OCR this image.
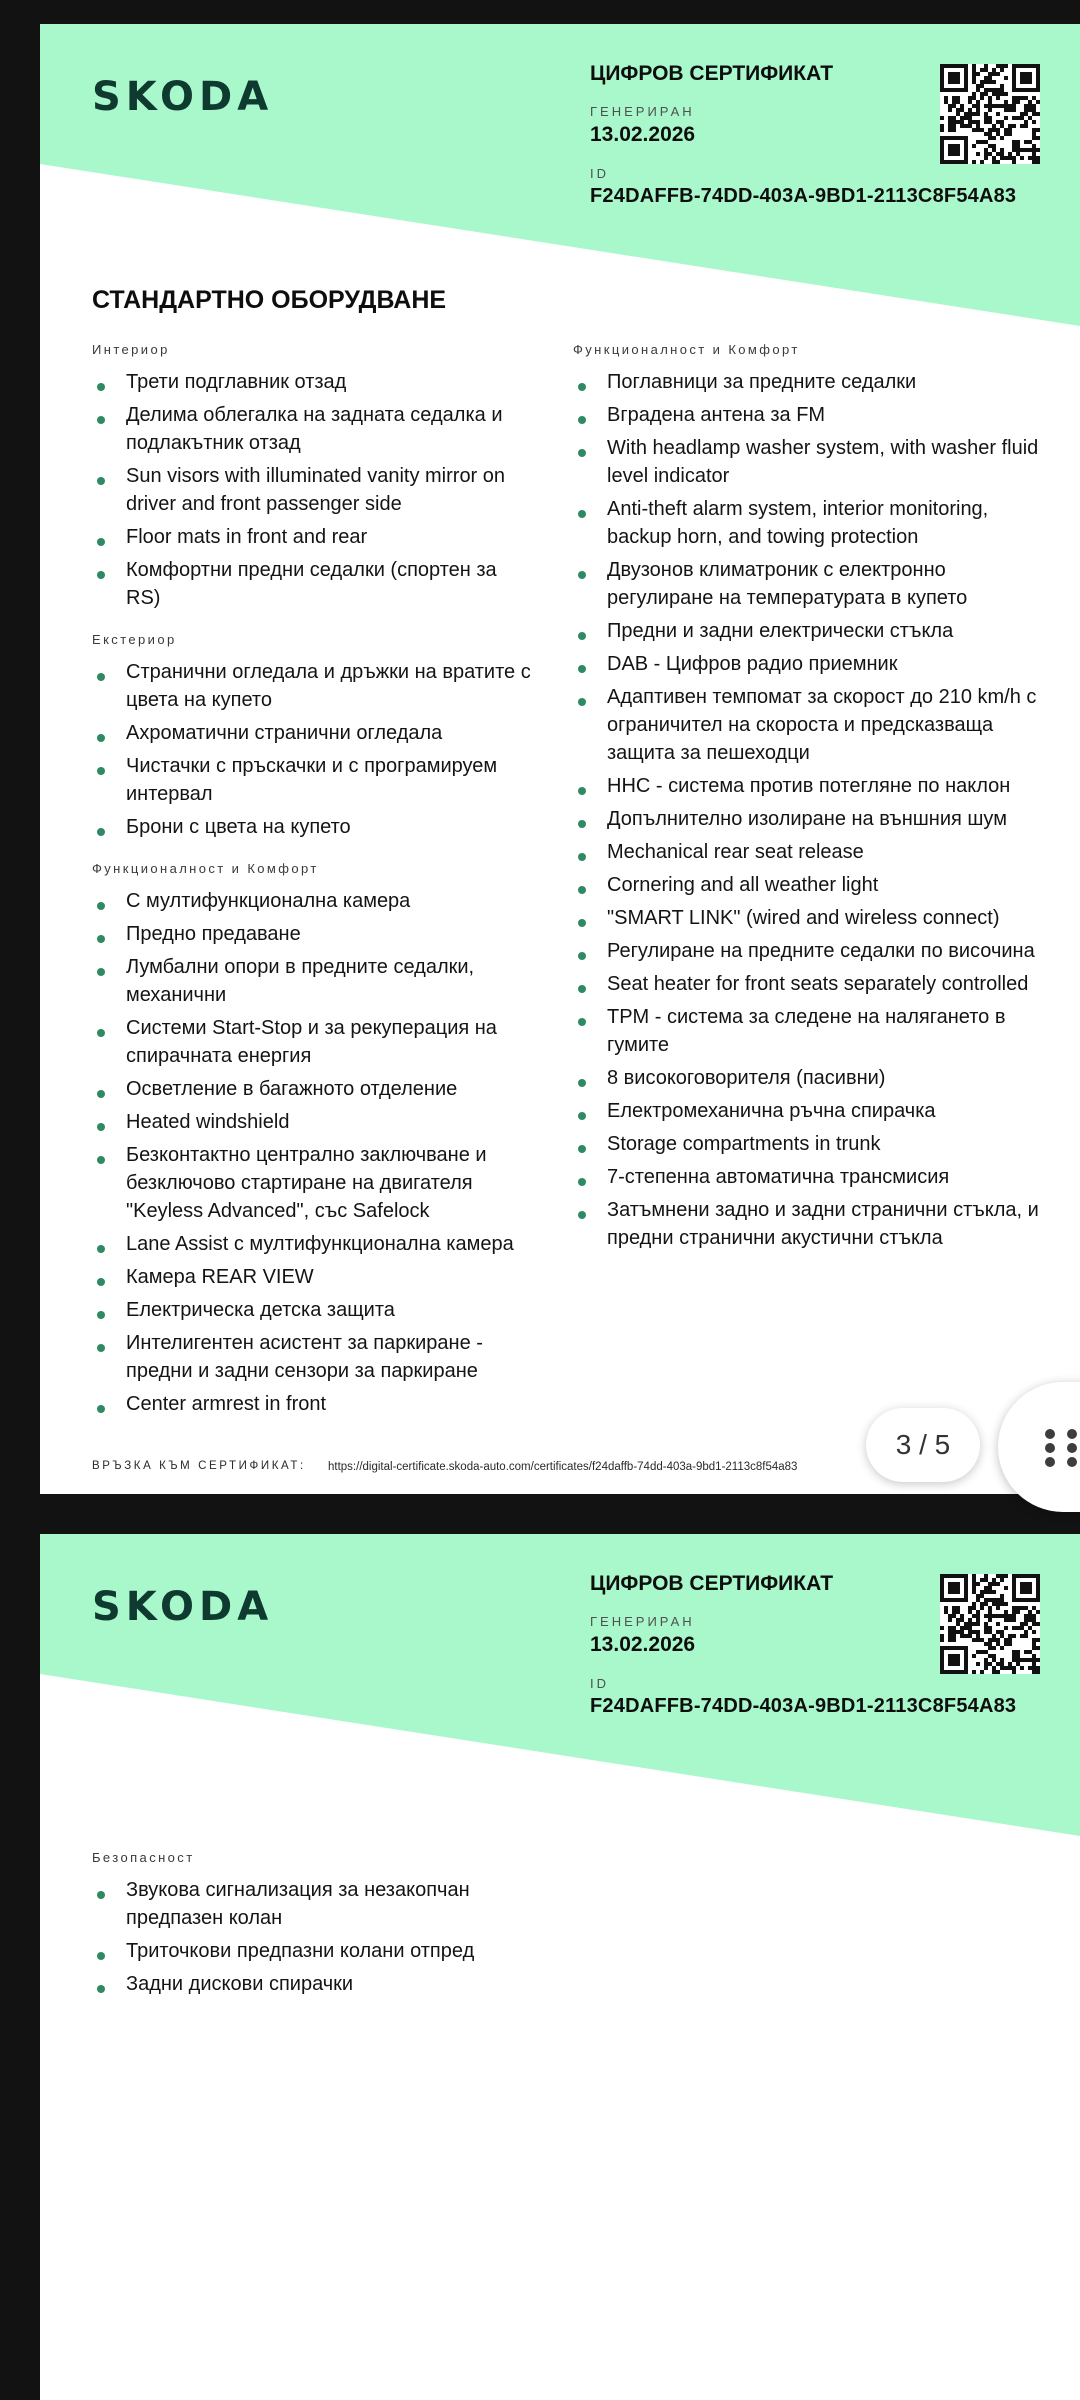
SKODA
ЦИФРОВ СЕРТИФИКАТ
ГЕНЕРИРАН
13.02.2026
ID
F24DAFFB-74DD-403A-9BD1-2113C8F54A83
СТАНДАРТНО ОБОРУДВАНЕ
Интериор
Трети подглавник отзад
Делима облегалка на задната седалка и подлакътник отзад
Sun visors with illuminated vanity mirror on driver and front passenger side
Floor mats in front and rear
Комфортни предни седалки (спортен за RS)
Екстериор
Странични огледала и дръжки на вратите с цвета на купето
Ахроматични странични огледала
Чистачки с пръскачки и с програмируем интервал
Брони с цвета на купето
Функционалност и Комфорт
С мултифункционална камера
Предно предаване
Лумбални опори в предните седалки, механични
Системи Start-Stop и за рекуперация на спирачната енергия
Осветление в багажното отделение
Heated windshield
Безконтактно централно заключване и безключово стартиране на двигателя "Keyless Advanced", със Safelock
Lane Assist с мултифункционална камера
Камера REAR VIEW
Електрическа детска защита
Интелигентен асистент за паркиране - предни и задни сензори за паркиране
Center armrest in front
Функционалност и Комфорт
Поглавници за предните седалки
Вградена антена за FM
With headlamp washer system, with washer fluid level indicator
Anti-theft alarm system, interior monitoring, backup horn, and towing protection
Двузонов климатроник с електронно регулиране на температурата в купето
Предни и задни електрически стъкла
DAB - Цифров радио приемник
Адаптивен темпомат за скорост до 210 km/h с ограничител на скороста и предсказваща защита за пешеходци
HHC - система против потегляне по наклон
Допълнително изолиране на външния шум
Mechanical rear seat release
Cornering and all weather light
"SMART LINK" (wired and wireless connect)
Регулиране на предните седалки по височина
Seat heater for front seats separately controlled
TPM - система за следене на налягането в гумите
8 високоговорителя (пасивни)
Електромеханична ръчна спирачка
Storage compartments in trunk
7-степенна автоматична трансмисия
Затъмнени задно и задни странични стъкла, и предни странични акустични стъкла
ВРЪЗКА КЪМ СЕРТИФИКАТ: https://digital-certificate.skoda-auto.com/certificates/f24daffb-74dd-403a-9bd1-2113c8f54a83
SKODA
ЦИФРОВ СЕРТИФИКАТ
ГЕНЕРИРАН
13.02.2026
ID
F24DAFFB-74DD-403A-9BD1-2113C8F54A83
Безопасност
Звукова сигнализация за незакопчан предпазен колан
Триточкови предпазни колани отпред
Задни дискови спирачки
3 / 5
